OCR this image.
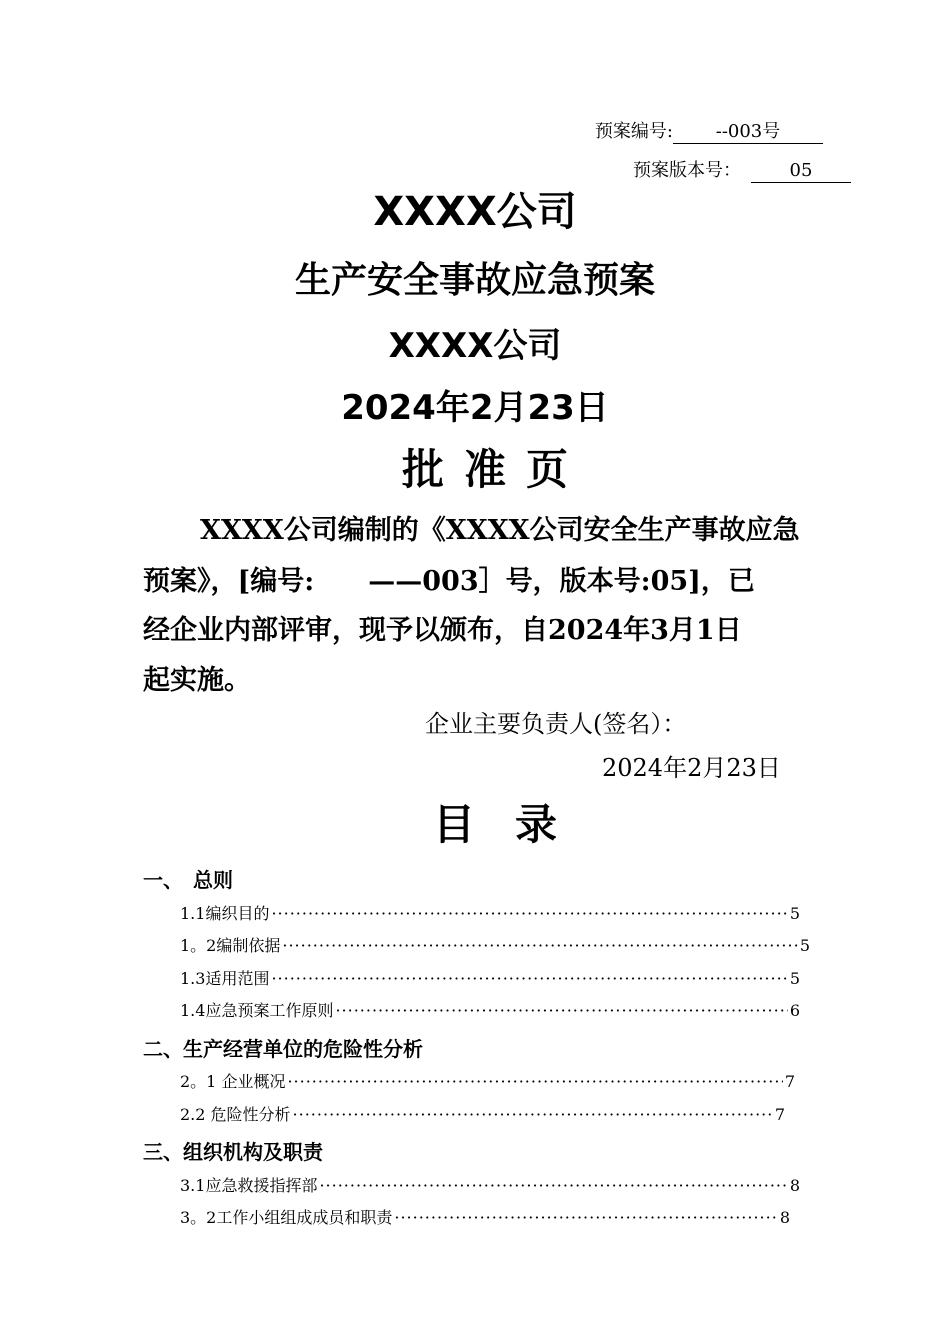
预案编号: --003号
预案版本号：	05
XXXX公司
生产安全事故应急预案
XXXX公司
2024年2月23日
批准页
XXXX公司编制的《XXXX公司安全生产事故应急
预案》，[编号:　　——003］号，版本号:05]，已
经企业内部评审，现予以颁布，自2024年3月1日
起实施。
企业主要负责人(签名）：
2024年2月23日
目录
一、　总则
1.1编织目的 ·····	5
1。2编制依据 ·····	5
1.3适用范围 ·····	5
1.4应急预案工作原则 ·····	6
二、生产经营单位的危险性分析
2。1 企业概况 ·····	7
2.2 危险性分析 ·····	7
三、组织机构及职责
3.1应急救援指挥部 ·····	8
3。2工作小组组成成员和职责 ·····	8
